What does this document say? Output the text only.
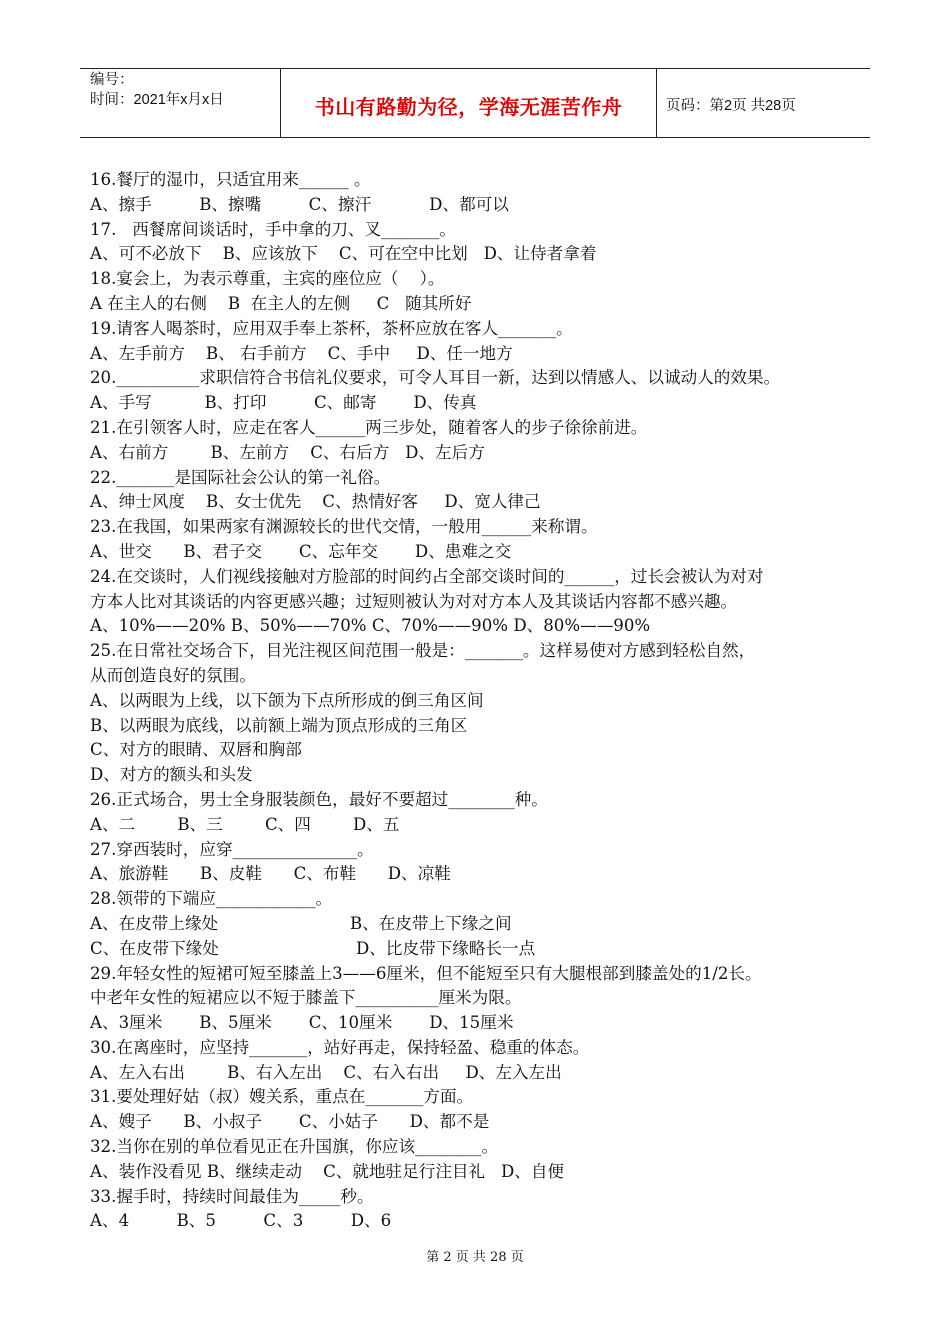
编号：
时间：2021年x月x日	书山有路勤为径，学海无涯苦作舟	页码：第2页 共28页
16.餐厅的湿巾，只适宜用来______ 。
A、擦手         B、擦嘴         C、擦汗           D、都可以
17.   西餐席间谈话时，手中拿的刀、叉_______。
A、可不必放下    B、应该放下    C、可在空中比划   D、让侍者拿着
18.宴会上，为表示尊重，主宾的座位应（    ）。
A 在主人的右侧    B  在主人的左侧     C   随其所好
19.请客人喝茶时，应用双手奉上茶杯，茶杯应放在客人_______。
A、左手前方    B、 右手前方    C、手中     D、任一地方
20.__________求职信符合书信礼仪要求，可令人耳目一新，达到以情感人、以诚动人的效果。
A、手写          B、打印         C、邮寄       D、传真
21.在引领客人时，应走在客人______两三步处，随着客人的步子徐徐前进。
A、右前方        B、左前方    C、右后方   D、左后方
22._______是国际社会公认的第一礼俗。
A、绅士风度    B、女士优先    C、热情好客     D、宽人律己
23.在我国，如果两家有渊源较长的世代交情，一般用______来称谓。
A、世交      B、君子交       C、忘年交       D、患难之交
24.在交谈时，人们视线接触对方脸部的时间约占全部交谈时间的______，过长会被认为对对
方本人比对其谈话的内容更感兴趣；过短则被认为对对方本人及其谈话内容都不感兴趣。
A、10%——20% B、50%——70% C、70%——90% D、80%——90%
25.在日常社交场合下，目光注视区间范围一般是：_______。这样易使对方感到轻松自然，
从而创造良好的氛围。
A、以两眼为上线，以下颌为下点所形成的倒三角区间
B、以两眼为底线，以前额上端为顶点形成的三角区
C、对方的眼睛、双唇和胸部
D、对方的额头和头发
26.正式场合，男士全身服装颜色，最好不要超过________种。
A、二        B、三        C、四        D、五
27.穿西装时，应穿_______________。
A、旅游鞋      B、皮鞋      C、布鞋      D、凉鞋
28.领带的下端应____________。
A、在皮带上缘处                         B、在皮带上下缘之间
C、在皮带下缘处                          D、比皮带下缘略长一点
29.年轻女性的短裙可短至膝盖上3——6厘米，但不能短至只有大腿根部到膝盖处的1/2长。
中老年女性的短裙应以不短于膝盖下__________厘米为限。
A、3厘米       B、5厘米       C、10厘米       D、15厘米
30.在离座时，应坚持_______，站好再走，保持轻盈、稳重的体态。
A、左入右出        B、右入左出    C、右入右出     D、左入左出
31.要处理好姑（叔）嫂关系，重点在_______方面。
A、嫂子      B、小叔子       C、小姑子      D、都不是
32.当你在别的单位看见正在升国旗，你应该________。
A、装作没看见 B、继续走动    C、就地驻足行注目礼   D、自便
33.握手时，持续时间最佳为_____秒。
A、4         B、5         C、3         D、6
第 2 页 共 28 页
